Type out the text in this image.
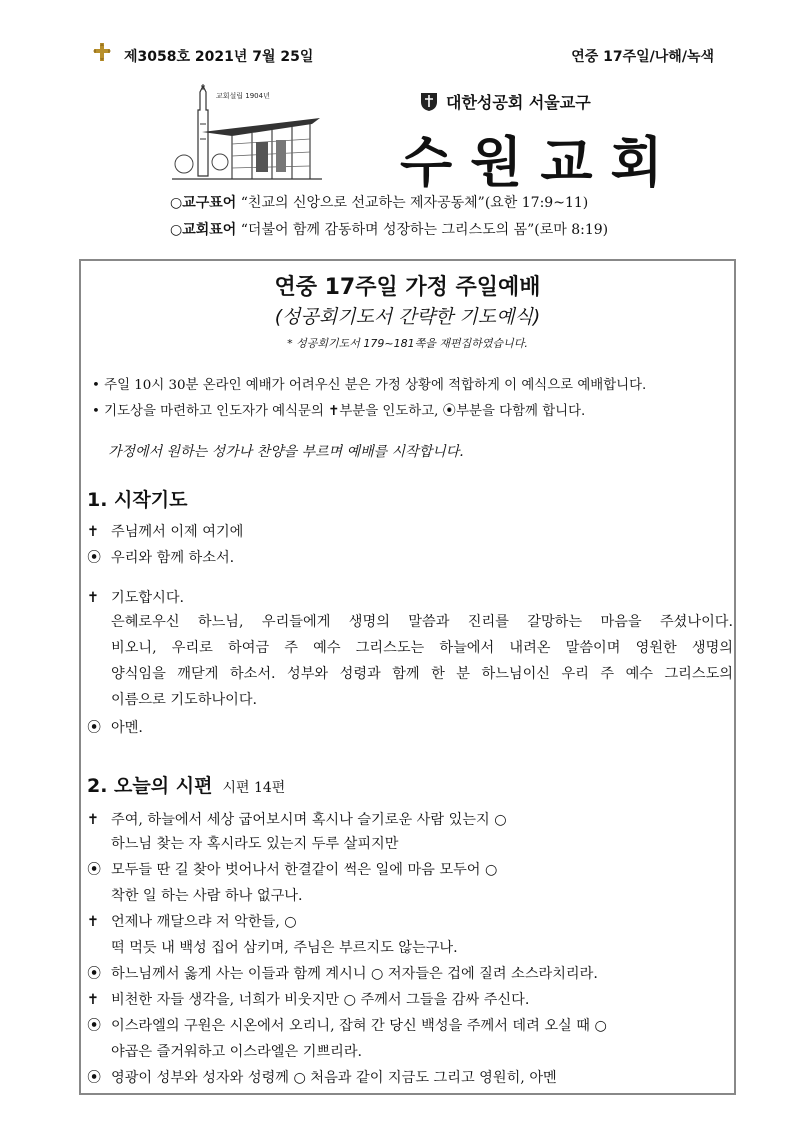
제3058호 2021년 7월 25일	연중 17주일/나해/녹색
교회설립 1904년	대한성공회 서울교구
수원교회
○교구표어 “친교의 신앙으로 선교하는 제자공동체”(요한 17:9~11)
○교회표어 “더불어 함께 감동하며 성장하는 그리스도의 몸”(로마 8:19)
연중 17주일 가정 주일예배
(성공회기도서 간략한 기도예식)
* 성공회기도서 179~181쪽을 재편집하였습니다.
• 주일 10시 30분 온라인 예배가 어려우신 분은 가정 상황에 적합하게 이 예식으로 예배합니다.
• 기도상을 마련하고 인도자가 예식문의 ✝부분을 인도하고, ⦿부분을 다함께 합니다.
가정에서 원하는 성가나 찬양을 부르며 예배를 시작합니다.
1. 시작기도
✝ 주님께서 이제 여기에
⦿ 우리와 함께 하소서.
✝ 기도합시다.
은혜로우신 하느님, 우리들에게 생명의 말씀과 진리를 갈망하는 마음을 주셨나이다.
비오니, 우리로 하여금 주 예수 그리스도는 하늘에서 내려온 말씀이며 영원한 생명의
양식임을 깨닫게 하소서. 성부와 성령과 함께 한 분 하느님이신 우리 주 예수 그리스도의
이름으로 기도하나이다.
⦿ 아멘.
2. 오늘의 시편 시편 14편
✝ 주여, 하늘에서 세상 굽어보시며 혹시나 슬기로운 사람 있는지 ○
하느님 찾는 자 혹시라도 있는지 두루 살피지만
⦿ 모두들 딴 길 찾아 벗어나서 한결같이 썩은 일에 마음 모두어 ○
착한 일 하는 사람 하나 없구나.
✝ 언제나 깨달으랴 저 악한들, ○
떡 먹듯 내 백성 집어 삼키며, 주님은 부르지도 않는구나.
⦿ 하느님께서 옳게 사는 이들과 함께 계시니 ○ 저자들은 겁에 질려 소스라치리라.
✝ 비천한 자들 생각을, 너희가 비웃지만 ○ 주께서 그들을 감싸 주신다.
⦿ 이스라엘의 구원은 시온에서 오리니, 잡혀 간 당신 백성을 주께서 데려 오실 때 ○
야곱은 즐거워하고 이스라엘은 기쁘리라.
⦿ 영광이 성부와 성자와 성령께 ○ 처음과 같이 지금도 그리고 영원히, 아멘
